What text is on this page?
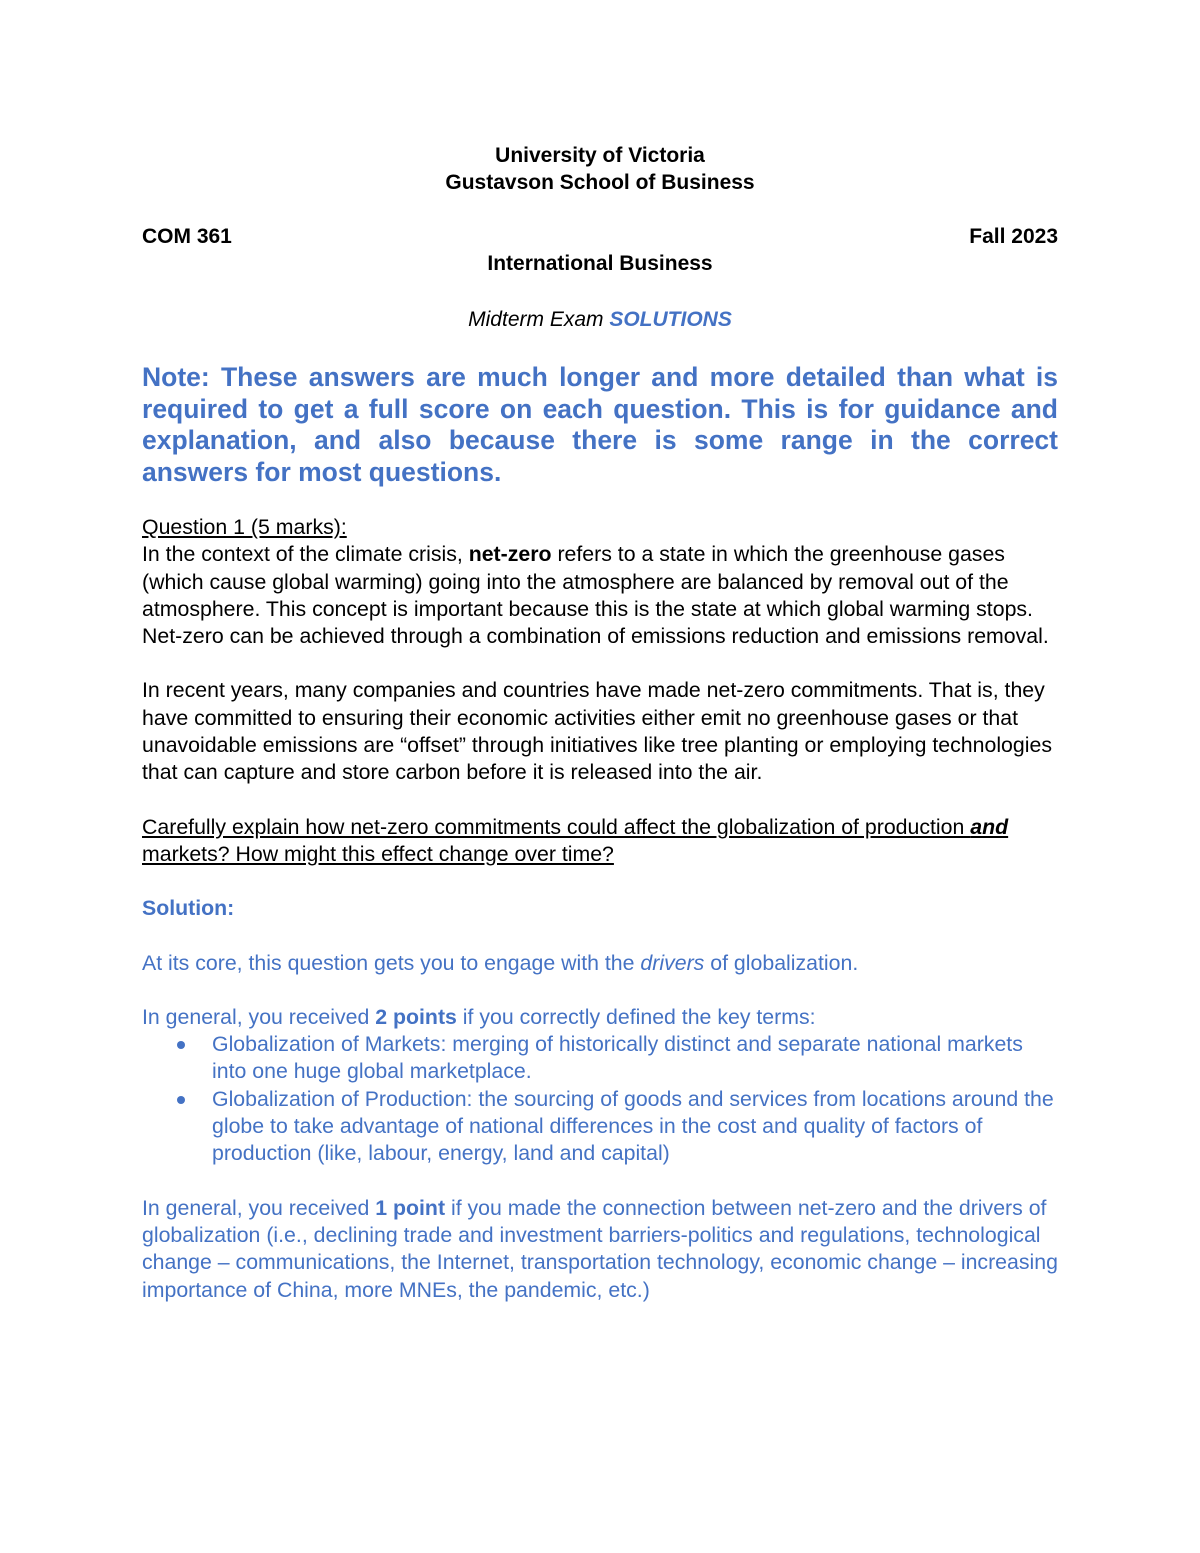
University of Victoria
Gustavson School of Business
COM 361	Fall 2023
International Business
Midterm Exam SOLUTIONS
Note: These answers are much longer and more detailed than what is required to get a full score on each question. This is for guidance and explanation, and also because there is some range in the correct answers for most questions.
Question 1 (5 marks):
In the context of the climate crisis, net-zero refers to a state in which the greenhouse gases (which cause global warming) going into the atmosphere are balanced by removal out of the atmosphere. This concept is important because this is the state at which global warming stops. Net-zero can be achieved through a combination of emissions reduction and emissions removal.
In recent years, many companies and countries have made net-zero commitments. That is, they have committed to ensuring their economic activities either emit no greenhouse gases or that unavoidable emissions are “offset” through initiatives like tree planting or employing technologies that can capture and store carbon before it is released into the air.
Carefully explain how net-zero commitments could affect the globalization of production and markets? How might this effect change over time?
Solution:
At its core, this question gets you to engage with the drivers of globalization.
In general, you received 2 points if you correctly defined the key terms:
Globalization of Markets: merging of historically distinct and separate national markets into one huge global marketplace.
Globalization of Production: the sourcing of goods and services from locations around the globe to take advantage of national differences in the cost and quality of factors of production (like, labour, energy, land and capital)
In general, you received 1 point if you made the connection between net-zero and the drivers of globalization (i.e., declining trade and investment barriers-politics and regulations, technological change – communications, the Internet, transportation technology, economic change – increasing importance of China, more MNEs, the pandemic, etc.)
